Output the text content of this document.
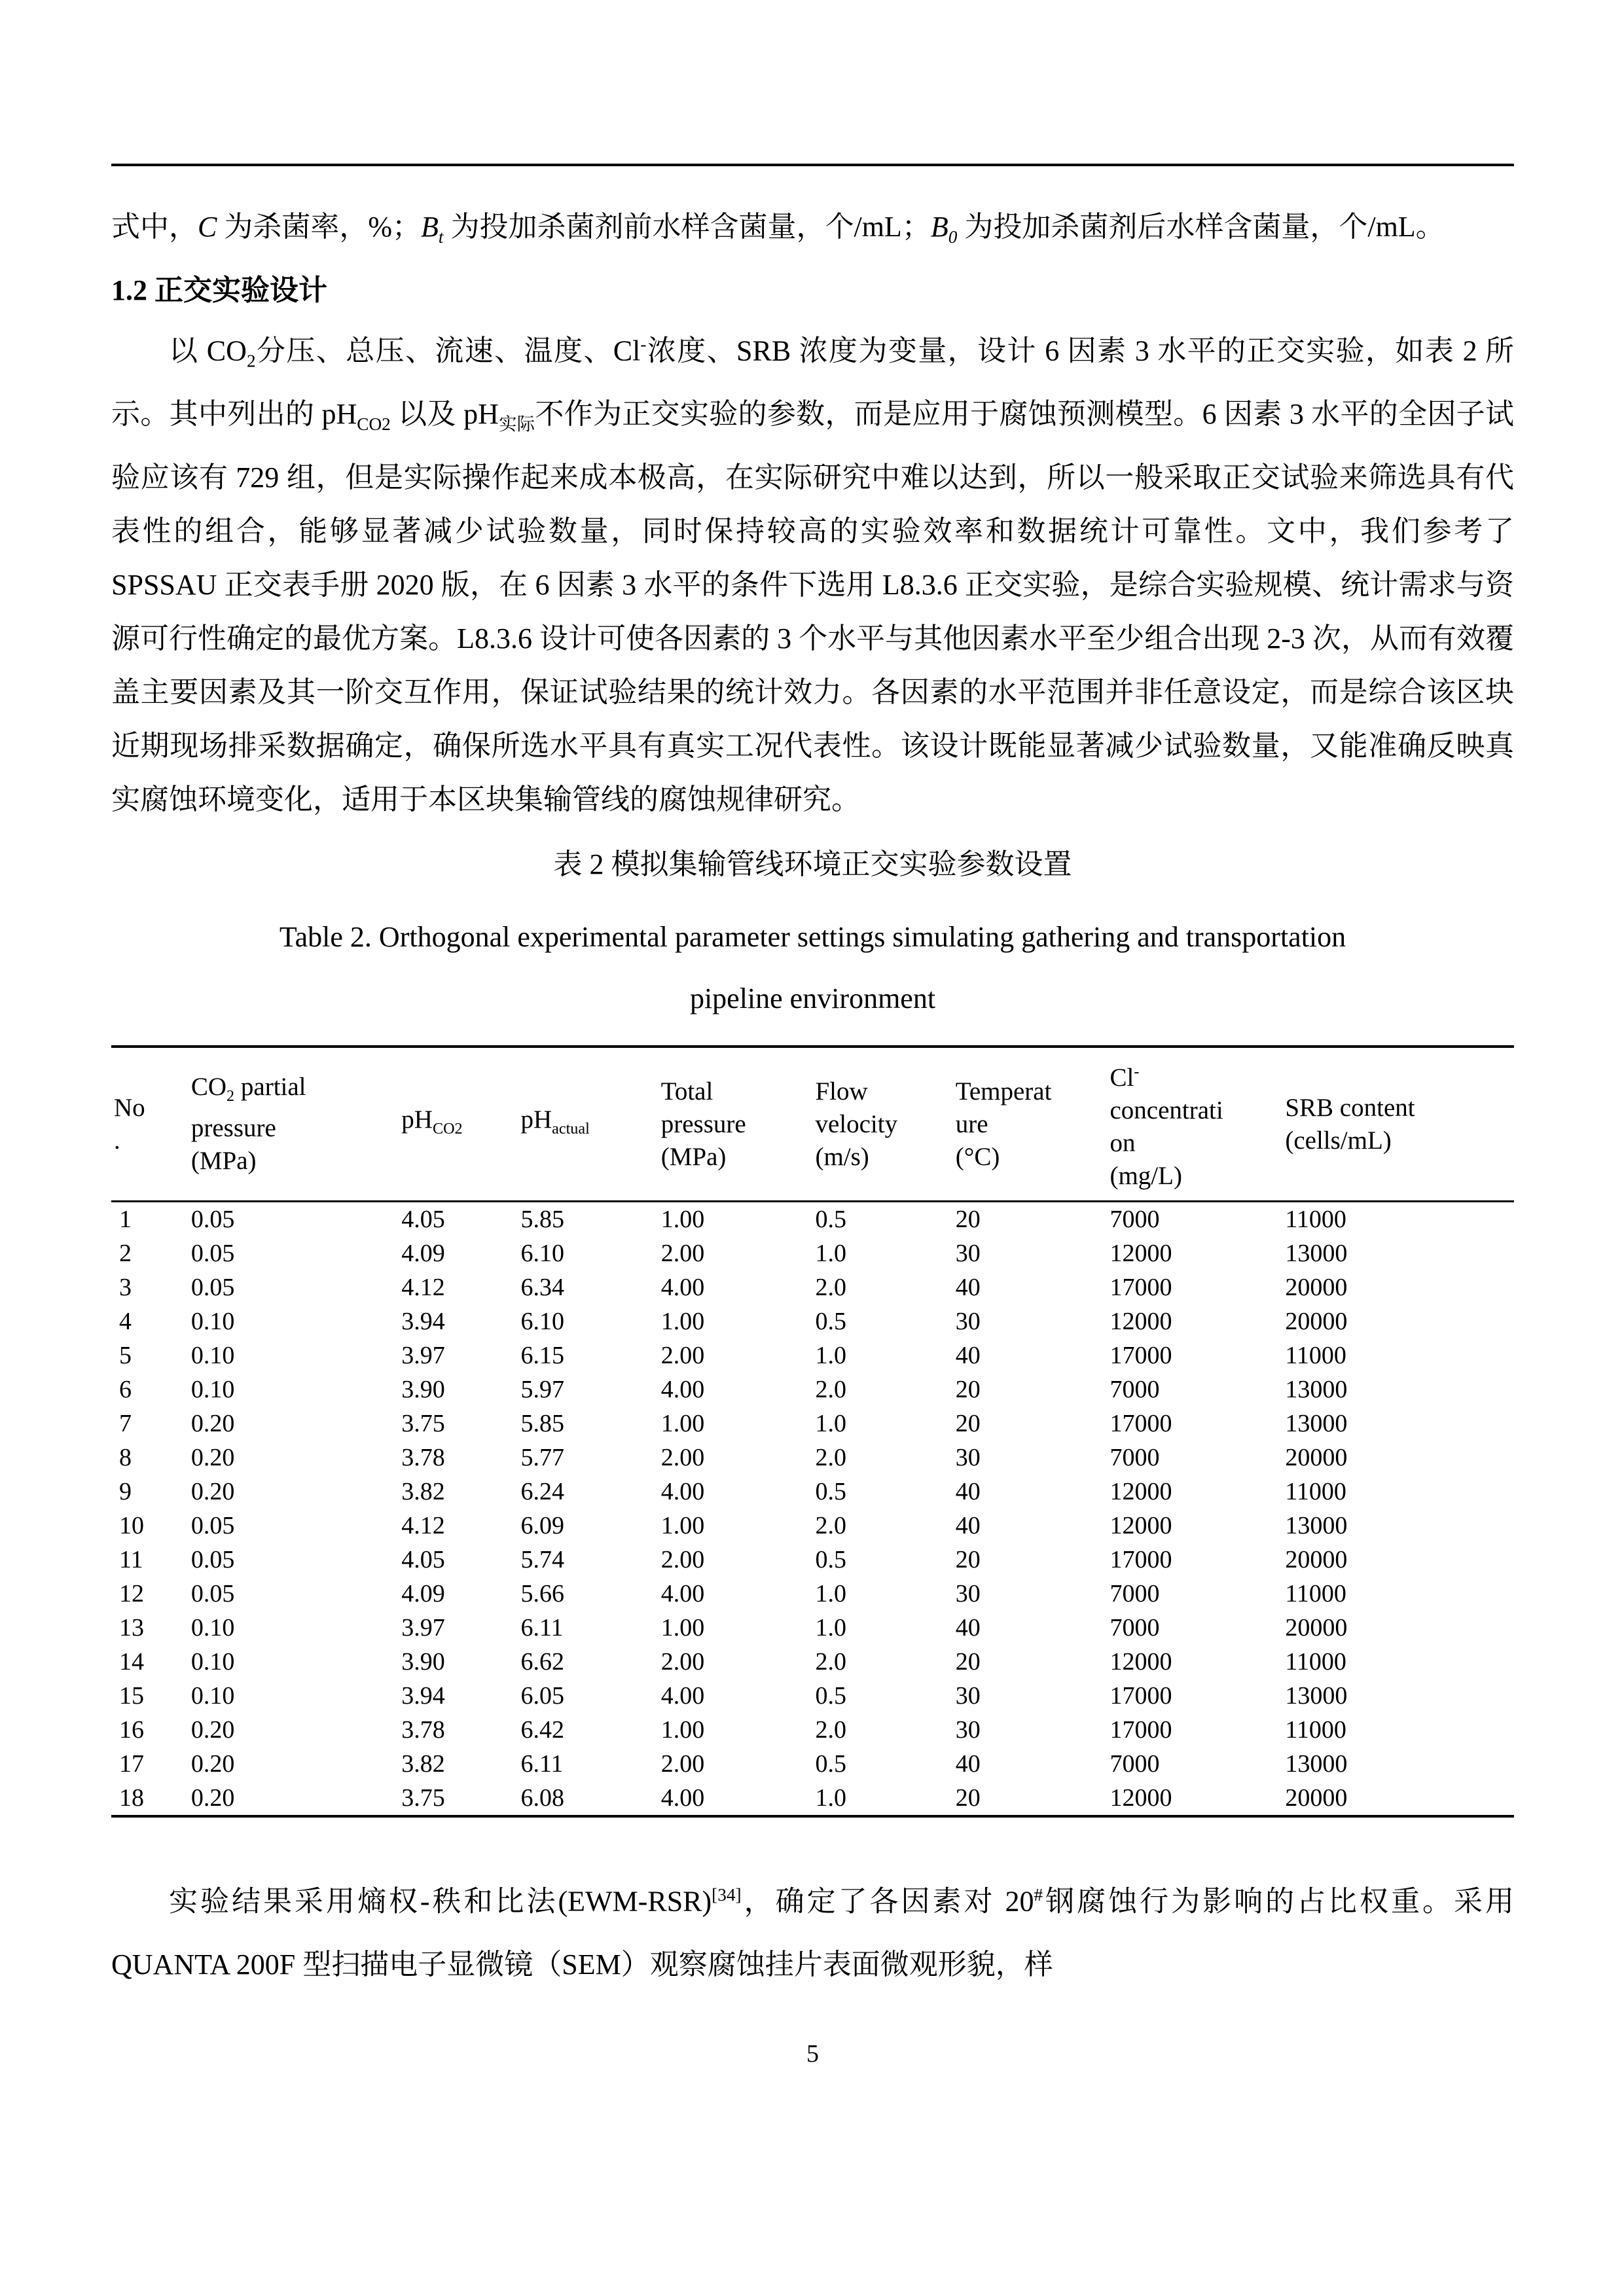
式中，C 为杀菌率，%；$B_t$ 为投加杀菌剂前水样含菌量，个/mL；$B_0$ 为投加杀菌剂后水样含菌量，个/mL。

1.2 正交实验设计

以 $CO_2$分压、总压、流速、温度、Cl-浓度、SRB 浓度为变量，设计 6 因素 3 水平的正交实验，如表 2 所示。其中列出的 $pH_{CO2}$ 以及 $pH_{实际}$不作为正交实验的参数，而是应用于腐蚀预测模型。6 因素 3 水平的全因子试验应该有 729 组，但是实际操作起来成本极高，在实际研究中难以达到，所以一般采取正交试验来筛选具有代表性的组合，能够显著减少试验数量，同时保持较高的实验效率和数据统计可靠性。文中，我们参考了 SPSSAU 正交表手册 2020 版，在 6 因素 3 水平的条件下选用 L8.3.6 正交实验，是综合实验规模、统计需求与资源可行性确定的最优方案。L8.3.6 设计可使各因素的 3 个水平与其他因素水平至少组合出现 2-3 次，从而有效覆盖主要因素及其一阶交互作用，保证试验结果的统计效力。各因素的水平范围并非任意设定，而是综合该区块近期现场排采数据确定，确保所选水平具有真实工况代表性。该设计既能显著减少试验数量，又能准确反映真实腐蚀环境变化，适用于本区块集输管线的腐蚀规律研究。

表 2 模拟集输管线环境正交实验参数设置

Table 2. Orthogonal experimental parameter settings simulating gathering and transportation
pipeline environment

No
.	$CO_2$ partial
pressure
(MPa)	$pH_{CO2}$	$pH_{actual}$	Total
pressure
(MPa)	Flow
velocity
(m/s)	Temperat
ure
(°C)	Cl-
concentrati
on
(mg/L)	SRB content
(cells/mL)

1	0.05	4.05	5.85	1.00	0.5	20	7000	11000
2	0.05	4.09	6.10	2.00	1.0	30	12000	13000
3	0.05	4.12	6.34	4.00	2.0	40	17000	20000
4	0.10	3.94	6.10	1.00	0.5	30	12000	20000
5	0.10	3.97	6.15	2.00	1.0	40	17000	11000
6	0.10	3.90	5.97	4.00	2.0	20	7000	13000
7	0.20	3.75	5.85	1.00	1.0	20	17000	13000
8	0.20	3.78	5.77	2.00	2.0	30	7000	20000
9	0.20	3.82	6.24	4.00	0.5	40	12000	11000
10	0.05	4.12	6.09	1.00	2.0	40	12000	13000
11	0.05	4.05	5.74	2.00	0.5	20	17000	20000
12	0.05	4.09	5.66	4.00	1.0	30	7000	11000
13	0.10	3.97	6.11	1.00	1.0	40	7000	20000
14	0.10	3.90	6.62	2.00	2.0	20	12000	11000
15	0.10	3.94	6.05	4.00	0.5	30	17000	13000
16	0.20	3.78	6.42	1.00	2.0	30	17000	11000
17	0.20	3.82	6.11	2.00	0.5	40	7000	13000
18	0.20	3.75	6.08	4.00	1.0	20	12000	20000

实验结果采用熵权-秩和比法(EWM-RSR)[34]，确定了各因素对 20#钢腐蚀行为影响的占比权重。采用 QUANTA 200F 型扫描电子显微镜（SEM）观察腐蚀挂片表面微观形貌，样

5
